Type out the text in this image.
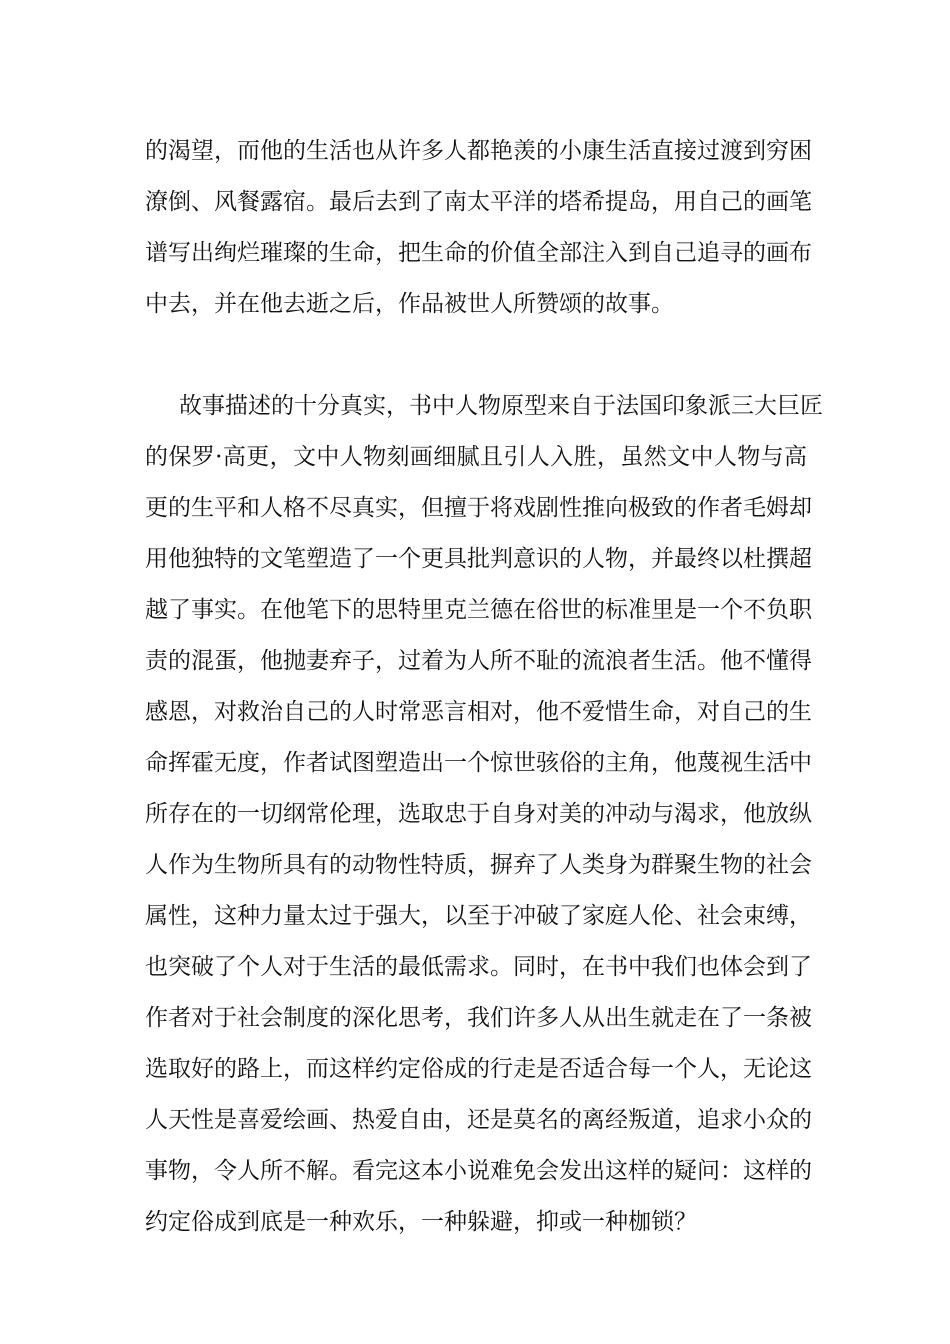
的渴望，而他的生活也从许多人都艳羡的小康生活直接过渡到穷困
潦倒、风餐露宿。最后去到了南太平洋的塔希提岛，用自己的画笔
谱写出绚烂璀璨的生命，把生命的价值全部注入到自己追寻的画布
中去，并在他去逝之后，作品被世人所赞颂的故事。
故事描述的十分真实，书中人物原型来自于法国印象派三大巨匠
的保罗·高更，文中人物刻画细腻且引人入胜，虽然文中人物与高
更的生平和人格不尽真实，但擅于将戏剧性推向极致的作者毛姆却
用他独特的文笔塑造了一个更具批判意识的人物，并最终以杜撰超
越了事实。在他笔下的思特里克兰德在俗世的标准里是一个不负职
责的混蛋，他抛妻弃子，过着为人所不耻的流浪者生活。他不懂得
感恩，对救治自己的人时常恶言相对，他不爱惜生命，对自己的生
命挥霍无度，作者试图塑造出一个惊世骇俗的主角，他蔑视生活中
所存在的一切纲常伦理，选取忠于自身对美的冲动与渴求，他放纵
人作为生物所具有的动物性特质，摒弃了人类身为群聚生物的社会
属性，这种力量太过于强大，以至于冲破了家庭人伦、社会束缚，
也突破了个人对于生活的最低需求。同时，在书中我们也体会到了
作者对于社会制度的深化思考，我们许多人从出生就走在了一条被
选取好的路上，而这样约定俗成的行走是否适合每一个人，无论这
人天性是喜爱绘画、热爱自由，还是莫名的离经叛道，追求小众的
事物，令人所不解。看完这本小说难免会发出这样的疑问：这样的
约定俗成到底是一种欢乐，一种躲避，抑或一种枷锁？
